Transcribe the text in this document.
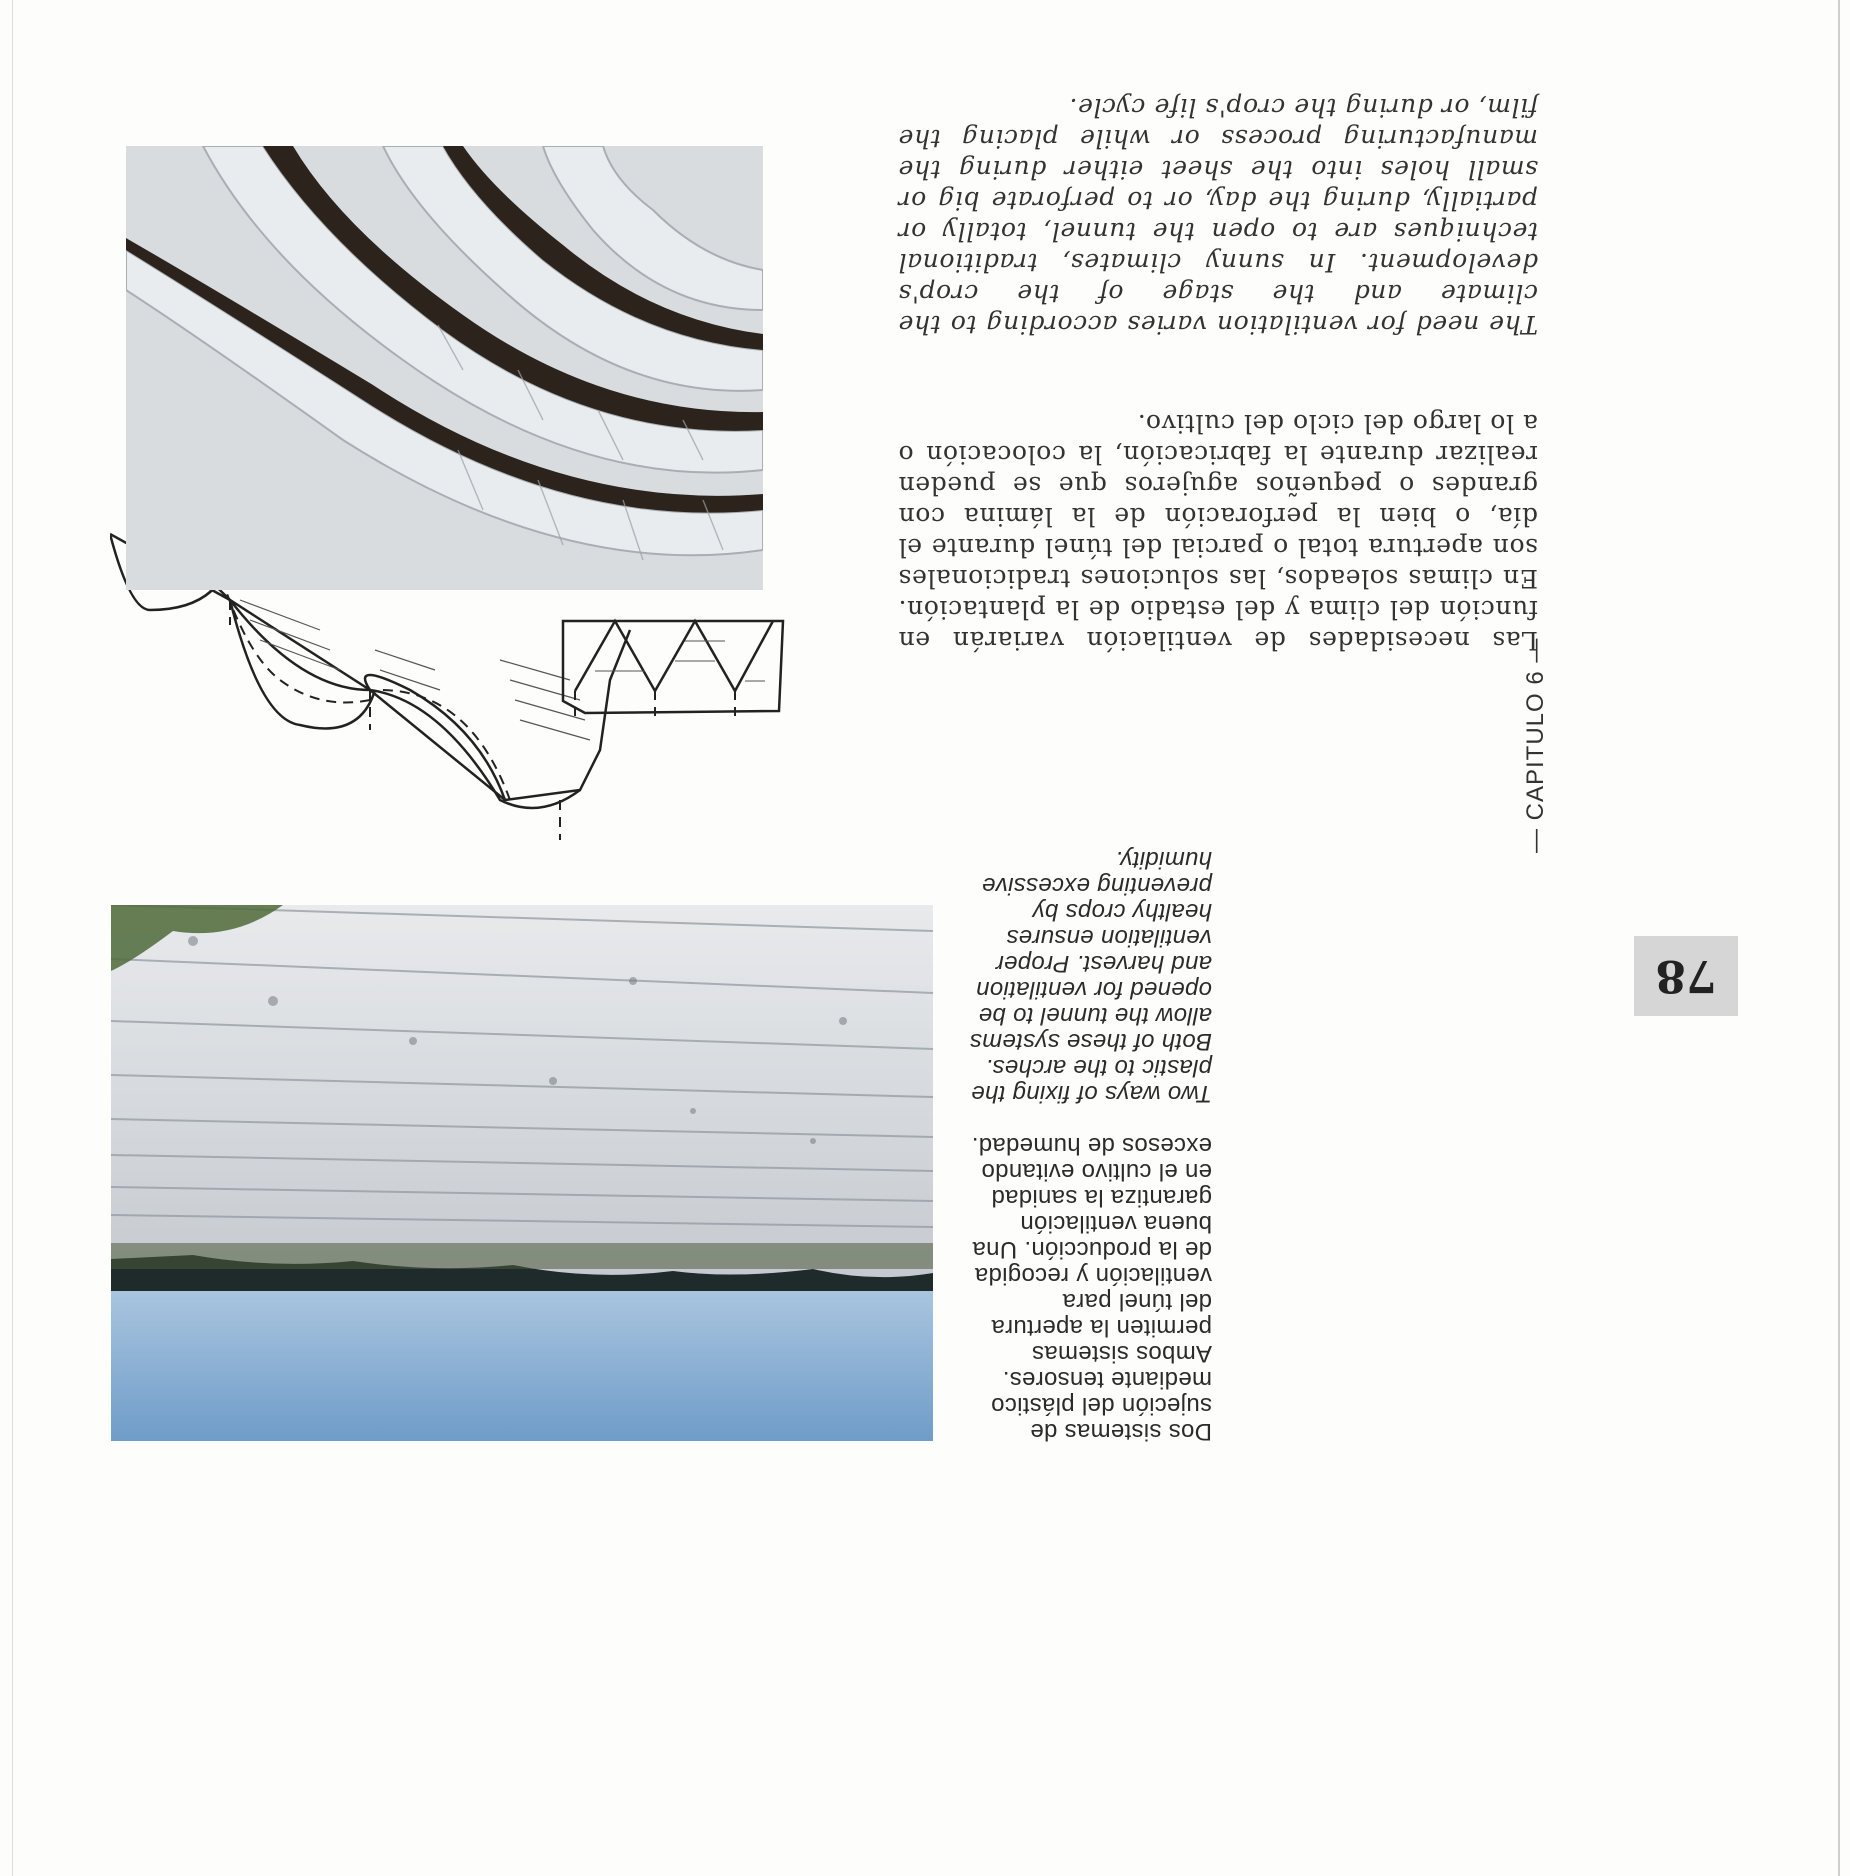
Dos sistemas de sujeción del plástico mediante tensores. Ambos sistemas permiten la apertura del túnel para ventilación y recogida de la producción. Una buena ventilación garantiza la sanidad en el cultivo evitando excesos de humedad.

Two ways of fixing the plastic to the arches. Both of these systems allow the tunnel to be opened for ventilation and harvest. Proper ventilation ensures healthy crops by preventing excessive humidity.

78

— CAPITULO 6 —

Las necesidades de ventilación variarán en función del clima y del estadio de la plantación. En climas soleados, las soluciones tradicionales son apertura total o parcial del túnel durante el día, o bien la perforación de la lámina con grandes o pequeños agujeros que se pueden realizar durante la fabricación, la colocación o a lo largo del ciclo del cultivo.

The need for ventilation varies according to the climate and the stage of the crop's development. In sunny climates, traditional techniques are to open the tunnel, totally or partially, during the day, or to perforate big or small holes into the sheet either during the manufacturing process or while placing the film, or during the crop's life cycle.
